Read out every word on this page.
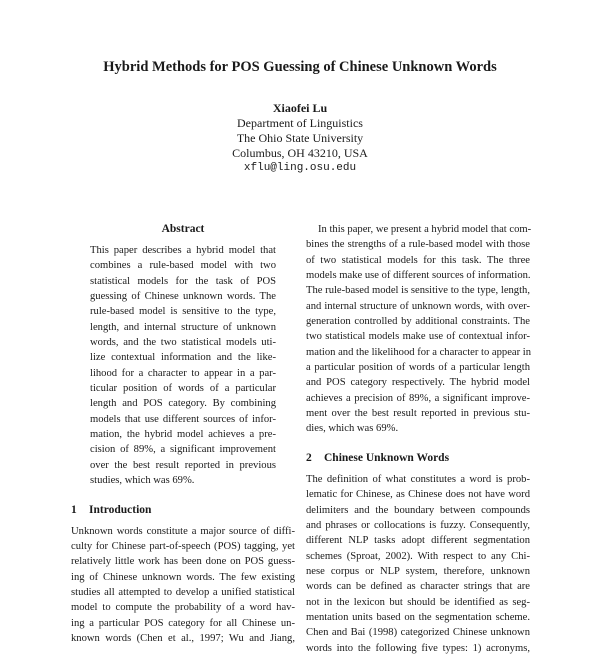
Hybrid Methods for POS Guessing of Chinese Unknown Words
Xiaofei Lu
Department of Linguistics
The Ohio State University
Columbus, OH 43210, USA
xflu@ling.osu.edu
Abstract
This paper describes a hybrid model that
combines a rule-based model with two
statistical models for the task of POS
guessing of Chinese unknown words. The
rule-based model is sensitive to the type,
length, and internal structure of unknown
words, and the two statistical models uti-
lize contextual information and the like-
lihood for a character to appear in a par-
ticular position of words of a particular
length and POS category. By combining
models that use different sources of infor-
mation, the hybrid model achieves a pre-
cision of 89%, a significant improvement
over the best result reported in previous
studies, which was 69%.
1 Introduction
Unknown words constitute a major source of diffi-
culty for Chinese part-of-speech (POS) tagging, yet
relatively little work has been done on POS guess-
ing of Chinese unknown words. The few existing
studies all attempted to develop a unified statistical
model to compute the probability of a word hav-
ing a particular POS category for all Chinese un-
known words (Chen et al., 1997; Wu and Jiang,
In this paper, we present a hybrid model that com-
bines the strengths of a rule-based model with those
of two statistical models for this task. The three
models make use of different sources of information.
The rule-based model is sensitive to the type, length,
and internal structure of unknown words, with over-
generation controlled by additional constraints. The
two statistical models make use of contextual infor-
mation and the likelihood for a character to appear in
a particular position of words of a particular length
and POS category respectively. The hybrid model
achieves a precision of 89%, a significant improve-
ment over the best result reported in previous stu-
dies, which was 69%.
2 Chinese Unknown Words
The definition of what constitutes a word is prob-
lematic for Chinese, as Chinese does not have word
delimiters and the boundary between compounds
and phrases or collocations is fuzzy. Consequently,
different NLP tasks adopt different segmentation
schemes (Sproat, 2002). With respect to any Chi-
nese corpus or NLP system, therefore, unknown
words can be defined as character strings that are
not in the lexicon but should be identified as seg-
mentation units based on the segmentation scheme.
Chen and Bai (1998) categorized Chinese unknown
words into the following five types: 1) acronyms,
